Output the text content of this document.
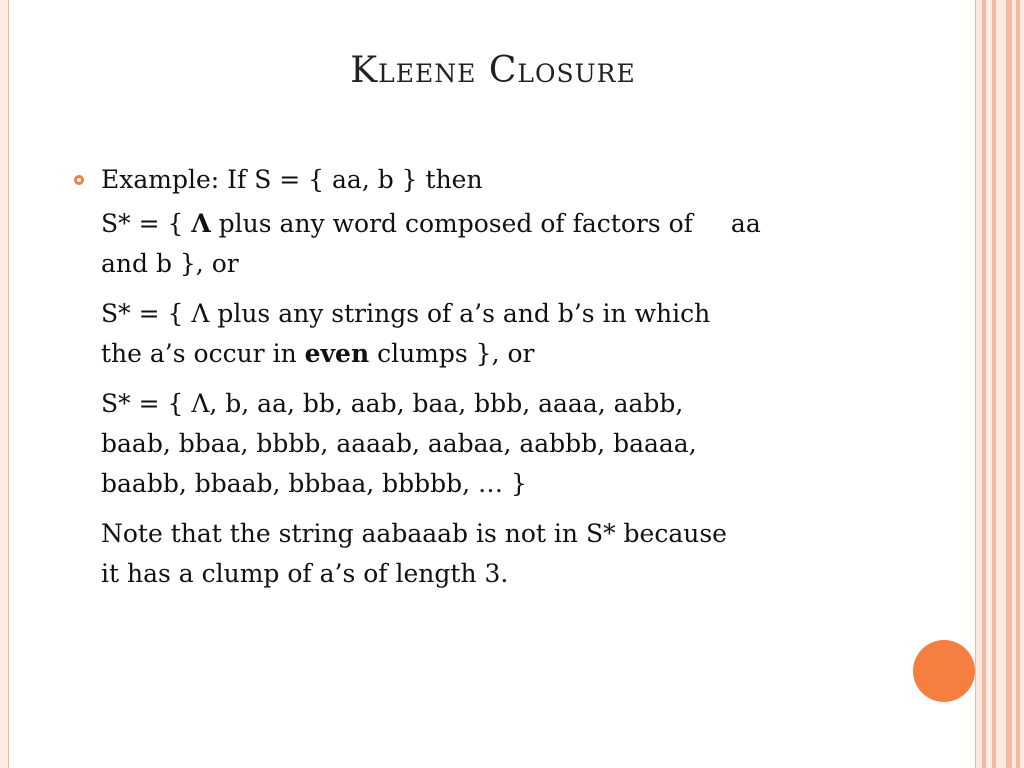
Kleene Closure
Example: If S = { aa, b } then
S* = { Λ plus any word composed of factors of aa
and b }, or
S* = { Λ plus any strings of a’s and b’s in which
the a’s occur in even clumps }, or
S* = { Λ, b, aa, bb, aab, baa, bbb, aaaa, aabb,
baab, bbaa, bbbb, aaaab, aabaa, aabbb, baaaa,
baabb, bbaab, bbbaa, bbbbb, … }
Note that the string aabaaab is not in S* because
it has a clump of a’s of length 3.
